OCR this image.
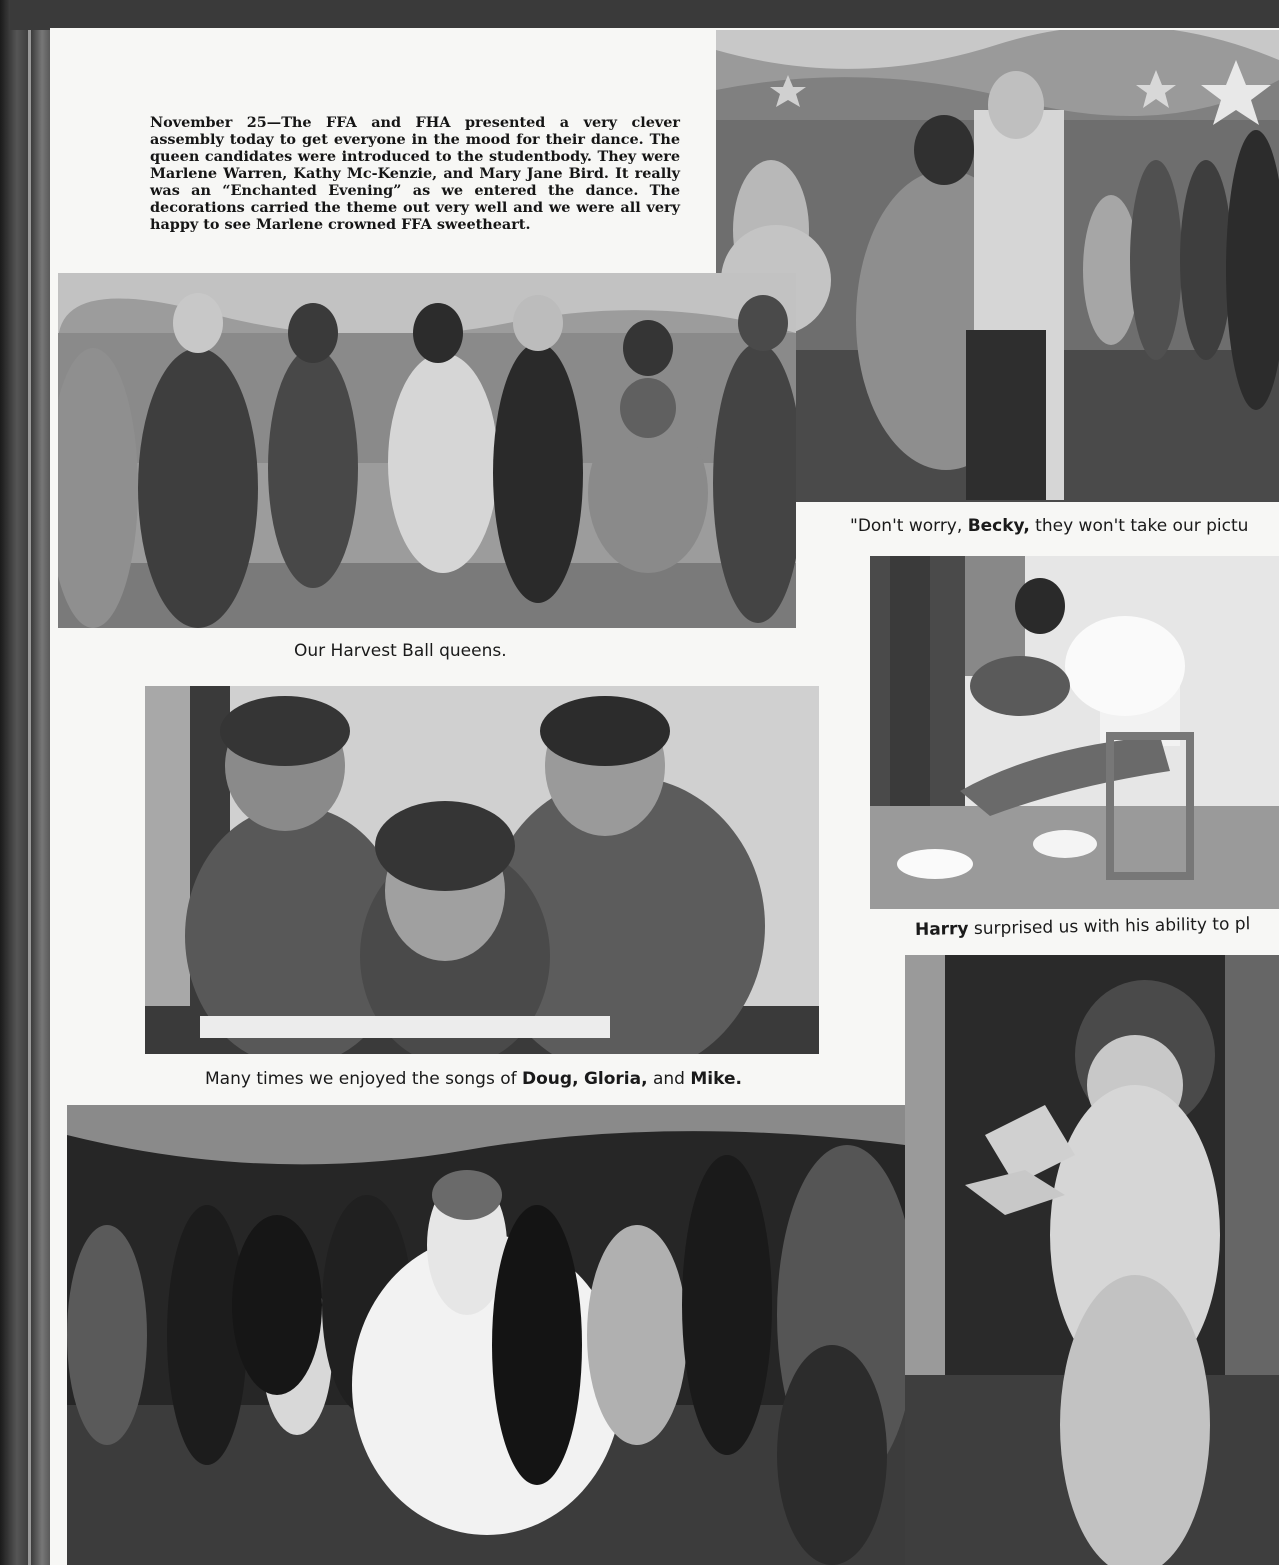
November 25—The FFA and FHA presented a very clever assembly today to get everyone in the mood for their dance. The queen candidates were introduced to the studentbody. They were Marlene Warren, Kathy Mc-Kenzie, and Mary Jane Bird. It really was an “Enchanted Evening” as we entered the dance. The decorations carried the theme out very well and we were all very happy to see Marlene crowned FFA sweetheart.
Our Harvest Ball queens.
"Don't worry, Becky, they won't take our pictu
Harry surprised us with his ability to pl
Many times we enjoyed the songs of Doug, Gloria, and Mike.
